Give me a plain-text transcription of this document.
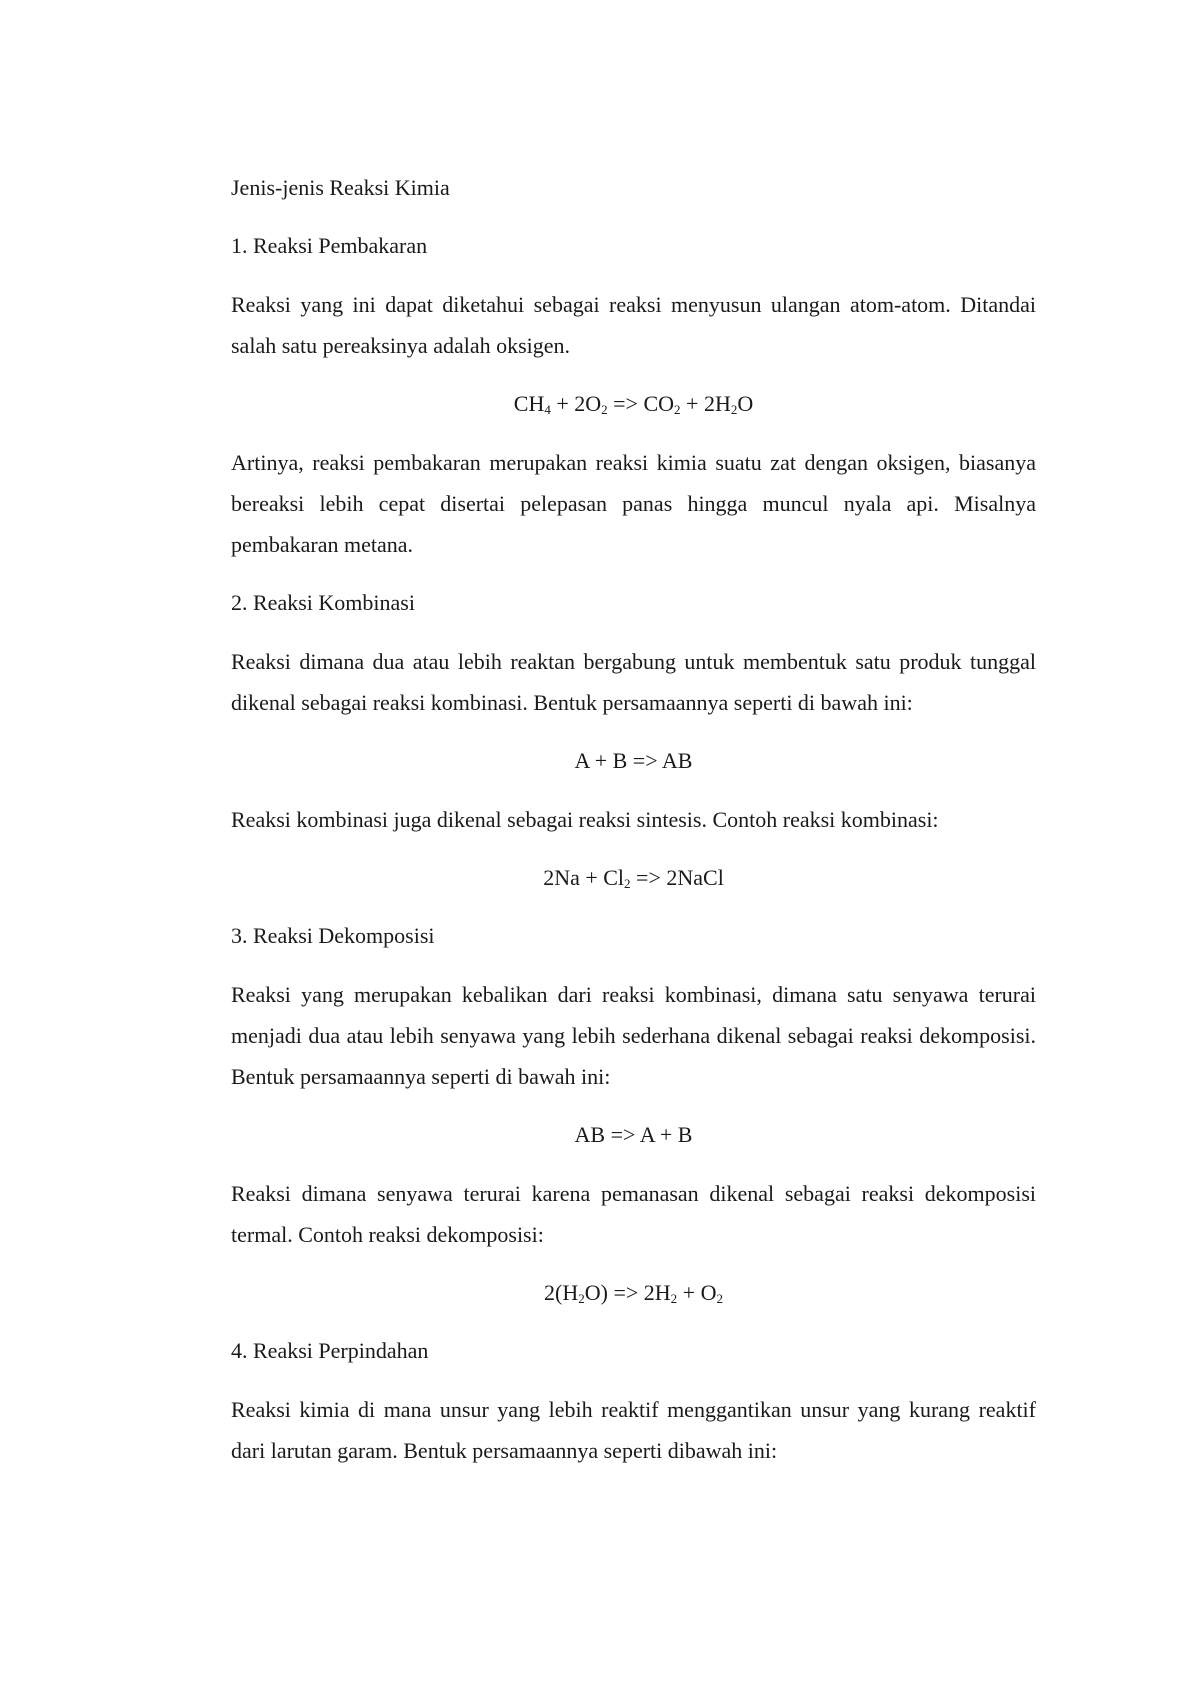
Jenis-jenis Reaksi Kimia

1. Reaksi Pembakaran

Reaksi yang ini dapat diketahui sebagai reaksi menyusun ulangan atom-atom. Ditandai salah satu pereaksinya adalah oksigen.

$CH_4 + 2O_2 => CO_2 + 2H_2O$

Artinya, reaksi pembakaran merupakan reaksi kimia suatu zat dengan oksigen, biasanya bereaksi lebih cepat disertai pelepasan panas hingga muncul nyala api. Misalnya pembakaran metana.

2. Reaksi Kombinasi

Reaksi dimana dua atau lebih reaktan bergabung untuk membentuk satu produk tunggal dikenal sebagai reaksi kombinasi. Bentuk persamaannya seperti di bawah ini:

A + B => AB

Reaksi kombinasi juga dikenal sebagai reaksi sintesis. Contoh reaksi kombinasi:

$2Na + Cl_2$ => 2NaCl

3. Reaksi Dekomposisi

Reaksi yang merupakan kebalikan dari reaksi kombinasi, dimana satu senyawa terurai menjadi dua atau lebih senyawa yang lebih sederhana dikenal sebagai reaksi dekomposisi. Bentuk persamaannya seperti di bawah ini:

AB => A + B

Reaksi dimana senyawa terurai karena pemanasan dikenal sebagai reaksi dekomposisi termal. Contoh reaksi dekomposisi:

$2(H_2O) => 2H_2 + O_2$

4. Reaksi Perpindahan

Reaksi kimia di mana unsur yang lebih reaktif menggantikan unsur yang kurang reaktif dari larutan garam. Bentuk persamaannya seperti dibawah ini:
